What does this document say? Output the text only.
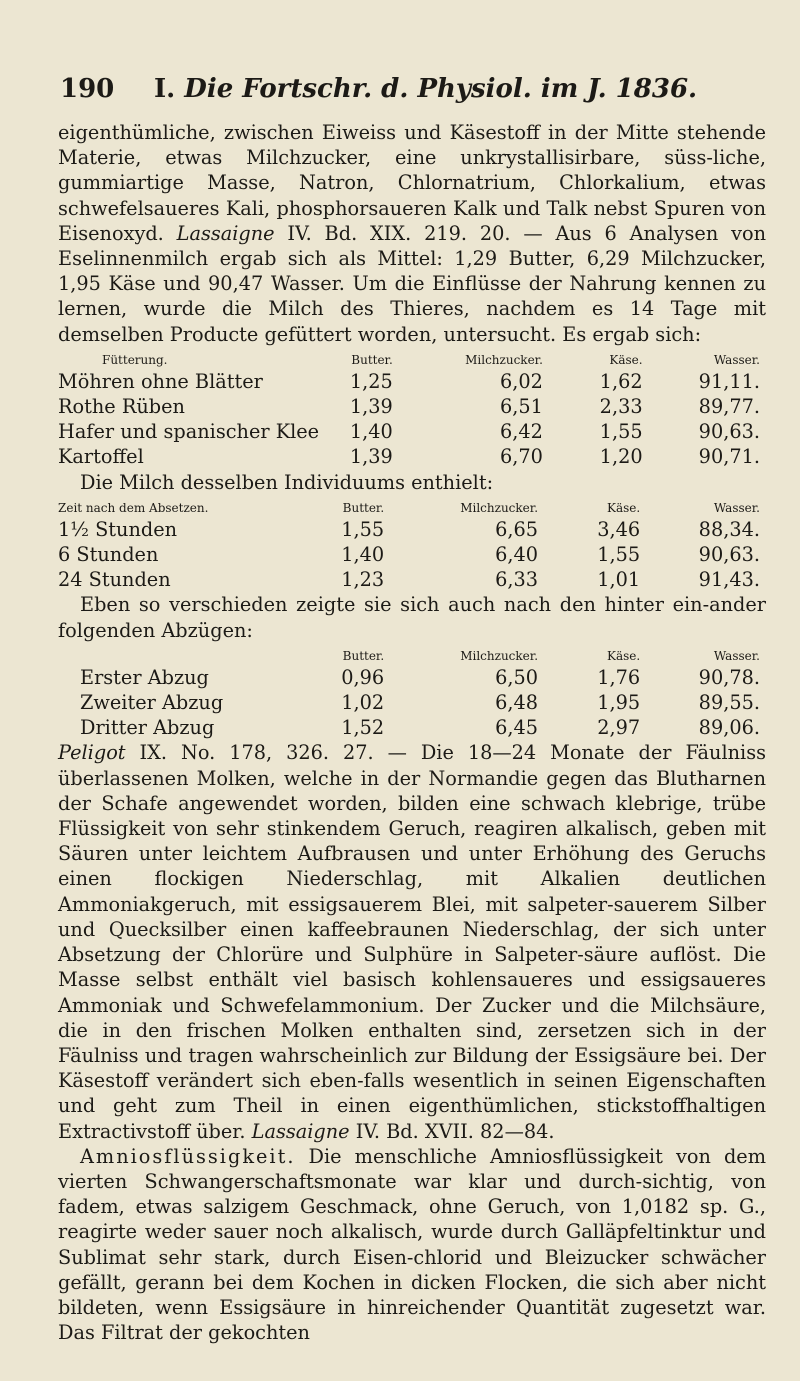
190 I. Die Fortschr. d. Physiol. im J. 1836.

eigenthümliche, zwischen Eiweiss und Käsestoff in der Mitte stehende Materie, etwas Milchzucker, eine unkrystallisirbare, süss-liche, gummiartige Masse, Natron, Chlornatrium, Chlorkalium, etwas schwefelsaueres Kali, phosphorsaueren Kalk und Talk nebst Spuren von Eisenoxyd. Lassaigne IV. Bd. XIX. 219. 20. — Aus 6 Analysen von Eselinnenmilch ergab sich als Mittel: 1,29 Butter, 6,29 Milchzucker, 1,95 Käse und 90,47 Wasser. Um die Einflüsse der Nahrung kennen zu lernen, wurde die Milch des Thieres, nachdem es 14 Tage mit demselben Producte gefüttert worden, untersucht. Es ergab sich:

Fütterung.	Butter.	Milchzucker.	Käse.	Wasser.
Möhren ohne Blätter	1,25	6,02	1,62	91,11.
Rothe Rüben	1,39	6,51	2,33	89,77.
Hafer und spanischer Klee	1,40	6,42	1,55	90,63.
Kartoffel	1,39	6,70	1,20	90,71.

Die Milch desselben Individuums enthielt:

Zeit nach dem Absetzen.	Butter.	Milchzucker.	Käse.	Wasser.
1½ Stunden	1,55	6,65	3,46	88,34.
6 Stunden	1,40	6,40	1,55	90,63.
24 Stunden	1,23	6,33	1,01	91,43.

Eben so verschieden zeigte sie sich auch nach den hinter ein-ander folgenden Abzügen:

	Butter.	Milchzucker.	Käse.	Wasser.
Erster Abzug	0,96	6,50	1,76	90,78.
Zweiter Abzug	1,02	6,48	1,95	89,55.
Dritter Abzug	1,52	6,45	2,97	89,06.

Peligot IX. No. 178, 326. 27. — Die 18—24 Monate der Fäulniss überlassenen Molken, welche in der Normandie gegen das Blutharnen der Schafe angewendet worden, bilden eine schwach klebrige, trübe Flüssigkeit von sehr stinkendem Geruch, reagiren alkalisch, geben mit Säuren unter leichtem Aufbrausen und unter Erhöhung des Geruchs einen flockigen Niederschlag, mit Alkalien deutlichen Ammoniakgeruch, mit essigsauerem Blei, mit salpeter-sauerem Silber und Quecksilber einen kaffeebraunen Niederschlag, der sich unter Absetzung der Chlorüre und Sulphüre in Salpeter-säure auflöst. Die Masse selbst enthält viel basisch kohlensaueres und essigsaueres Ammoniak und Schwefelammonium. Der Zucker und die Milchsäure, die in den frischen Molken enthalten sind, zersetzen sich in der Fäulniss und tragen wahrscheinlich zur Bildung der Essigsäure bei. Der Käsestoff verändert sich eben-falls wesentlich in seinen Eigenschaften und geht zum Theil in einen eigenthümlichen, stickstoffhaltigen Extractivstoff über. Lassaigne IV. Bd. XVII. 82—84.

Amniosflüssigkeit. Die menschliche Amniosflüssigkeit von dem vierten Schwangerschaftsmonate war klar und durch-sichtig, von fadem, etwas salzigem Geschmack, ohne Geruch, von 1,0182 sp. G., reagirte weder sauer noch alkalisch, wurde durch Galläpfeltinktur und Sublimat sehr stark, durch Eisen-chlorid und Bleizucker schwächer gefällt, gerann bei dem Kochen in dicken Flocken, die sich aber nicht bildeten, wenn Essigsäure in hinreichender Quantität zugesetzt war. Das Filtrat der gekochten
